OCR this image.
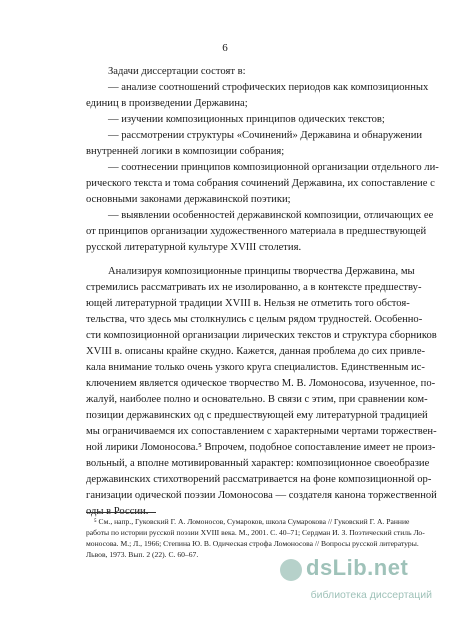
6
Задачи диссертации состоят в:
— анализе соотношений строфических периодов как композиционных
единиц в произведении Державина;
— изучении композиционных принципов одических текстов;
— рассмотрении структуры «Сочинений» Державина и обнаружении
внутренней логики в композиции собрания;
— соотнесении принципов композиционной организации отдельного ли-
рического текста и тома собрания сочинений Державина, их сопоставление с
основными законами державинской поэтики;
— выявлении особенностей державинской композиции, отличающих ее
от принципов организации художественного материала в предшествующей
русской литературной культуре XVIII столетия.
Анализируя композиционные принципы творчества Державина, мы
стремились рассматривать их не изолированно, а в контексте предшеству-
ющей литературной традиции XVIII в. Нельзя не отметить того обстоя-
тельства, что здесь мы столкнулись с целым рядом трудностей. Особенно-
сти композиционной организации лирических текстов и структура сборников
XVIII в. описаны крайне скудно. Кажется, данная проблема до сих привле-
кала внимание только очень узкого круга специалистов. Единственным ис-
ключением является одическое творчество М. В. Ломоносова, изученное, по-
жалуй, наиболее полно и основательно. В связи с этим, при сравнении ком-
позиции державинских од с предшествующей ему литературной традицией
мы ограничиваемся их сопоставлением с характерными чертами торжествен-
ной лирики Ломоносова.⁵ Впрочем, подобное сопоставление имеет не произ-
вольный, а вполне мотивированный характер: композиционное своеобразие
державинских стихотворений рассматривается на фоне композиционной ор-
ганизации одической поэзии Ломоносова — создателя канона торжественной
оды в России.
⁵ См., напр., Гуковский Г. А. Ломоносов, Сумароков, школа Сумарокова // Гуковский Г. А. Ранние
работы по истории русской поэзии XVIII века. М., 2001. С. 40–71; Сердман И. З. Поэтический стиль Ло-
моносова. М.; Л., 1966; Степина Ю. В. Одическая строфа Ломоносова // Вопросы русской литературы.
Львов, 1973. Вып. 2 (22). С. 60–67.
dsLib.net
библиотека диссертаций
